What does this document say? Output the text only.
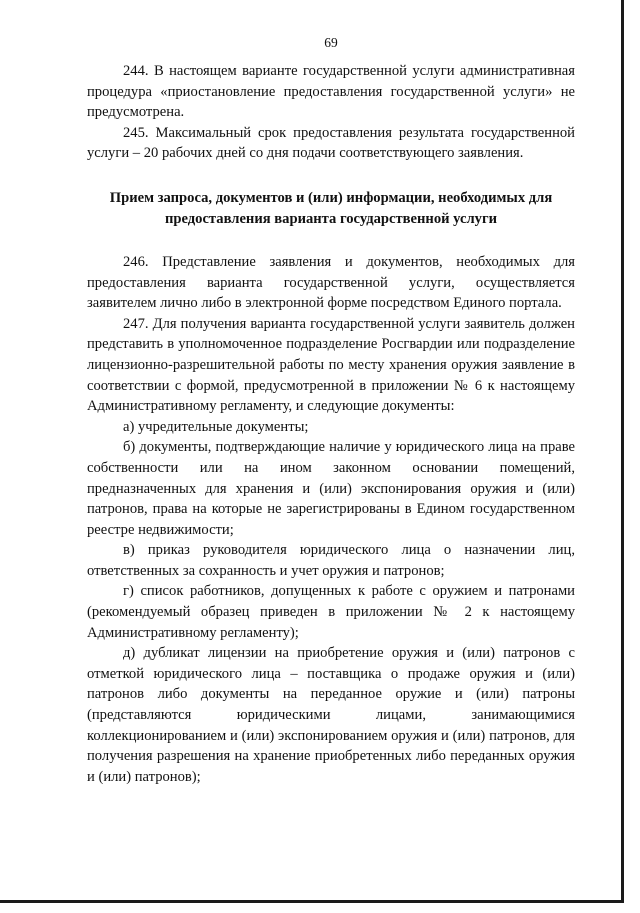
69

244. В настоящем варианте государственной услуги административная процедура «приостановление предоставления государственной услуги» не предусмотрена.

245. Максимальный срок предоставления результата государственной услуги – 20 рабочих дней со дня подачи соответствующего заявления.

Прием запроса, документов и (или) информации, необходимых для предоставления варианта государственной услуги

246. Представление заявления и документов, необходимых для предоставления варианта государственной услуги, осуществляется заявителем лично либо в электронной форме посредством Единого портала.

247. Для получения варианта государственной услуги заявитель должен представить в уполномоченное подразделение Росгвардии или подразделение лицензионно-разрешительной работы по месту хранения оружия заявление в соответствии с формой, предусмотренной в приложении № 6 к настоящему Административному регламенту, и следующие документы:

а) учредительные документы;

б) документы, подтверждающие наличие у юридического лица на праве собственности или на ином законном основании помещений, предназначенных для хранения и (или) экспонирования оружия и (или) патронов, права на которые не зарегистрированы в Едином государственном реестре недвижимости;

в) приказ руководителя юридического лица о назначении лиц, ответственных за сохранность и учет оружия и патронов;

г) список работников, допущенных к работе с оружием и патронами (рекомендуемый образец приведен в приложении № 2 к настоящему Административному регламенту);

д) дубликат лицензии на приобретение оружия и (или) патронов с отметкой юридического лица – поставщика о продаже оружия и (или) патронов либо документы на переданное оружие и (или) патроны (представляются юридическими лицами, занимающимися коллекционированием и (или) экспонированием оружия и (или) патронов, для получения разрешения на хранение приобретенных либо переданных оружия и (или) патронов);
